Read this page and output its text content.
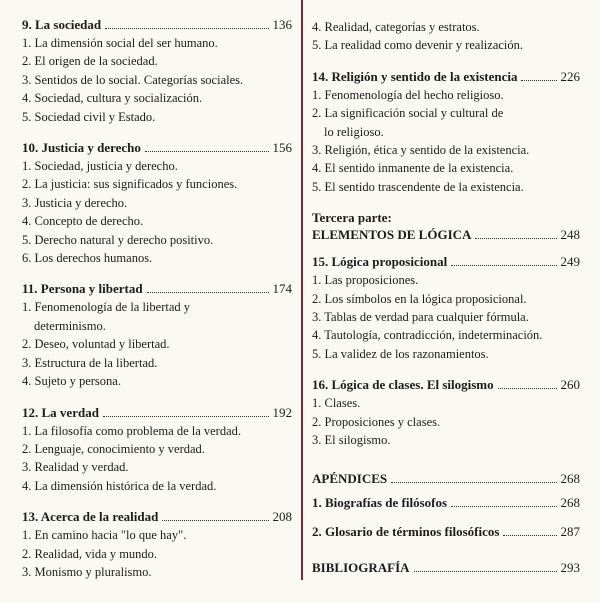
9. La sociedad	136
1. La dimensión social del ser humano.
2. El origen de la sociedad.
3. Sentidos de lo social. Categorías sociales.
4. Sociedad, cultura y socialización.
5. Sociedad civil y Estado.
10. Justicia y derecho	156
1. Sociedad, justicia y derecho.
2. La justicia: sus significados y funciones.
3. Justicia y derecho.
4. Concepto de derecho.
5. Derecho natural y derecho positivo.
6. Los derechos humanos.
11. Persona y libertad	174
1. Fenomenología de la libertad y
determinismo.
2. Deseo, voluntad y libertad.
3. Estructura de la libertad.
4. Sujeto y persona.
12. La verdad	192
1. La filosofía como problema de la verdad.
2. Lenguaje, conocimiento y verdad.
3. Realidad y verdad.
4. La dimensión histórica de la verdad.
13. Acerca de la realidad	208
1. En camino hacia "lo que hay".
2. Realidad, vida y mundo.
3. Monismo y pluralismo.
4. Realidad, categorías y estratos.
5. La realidad como devenir y realización.
14. Religión y sentido de la existencia	226
1. Fenomenología del hecho religioso.
2. La significación social y cultural de
lo religioso.
3. Religión, ética y sentido de la existencia.
4. El sentido inmanente de la existencia.
5. El sentido trascendente de la existencia.
Tercera parte:
ELEMENTOS DE LÓGICA	248
15. Lógica proposicional	249
1. Las proposiciones.
2. Los símbolos en la lógica proposicional.
3. Tablas de verdad para cualquier fórmula.
4. Tautología, contradicción, indeterminación.
5. La validez de los razonamientos.
16. Lógica de clases. El silogismo	260
1. Clases.
2. Proposiciones y clases.
3. El silogismo.
APÉNDICES	268
1. Biografías de filósofos	268
2. Glosario de términos filosóficos	287
BIBLIOGRAFÍA	293
